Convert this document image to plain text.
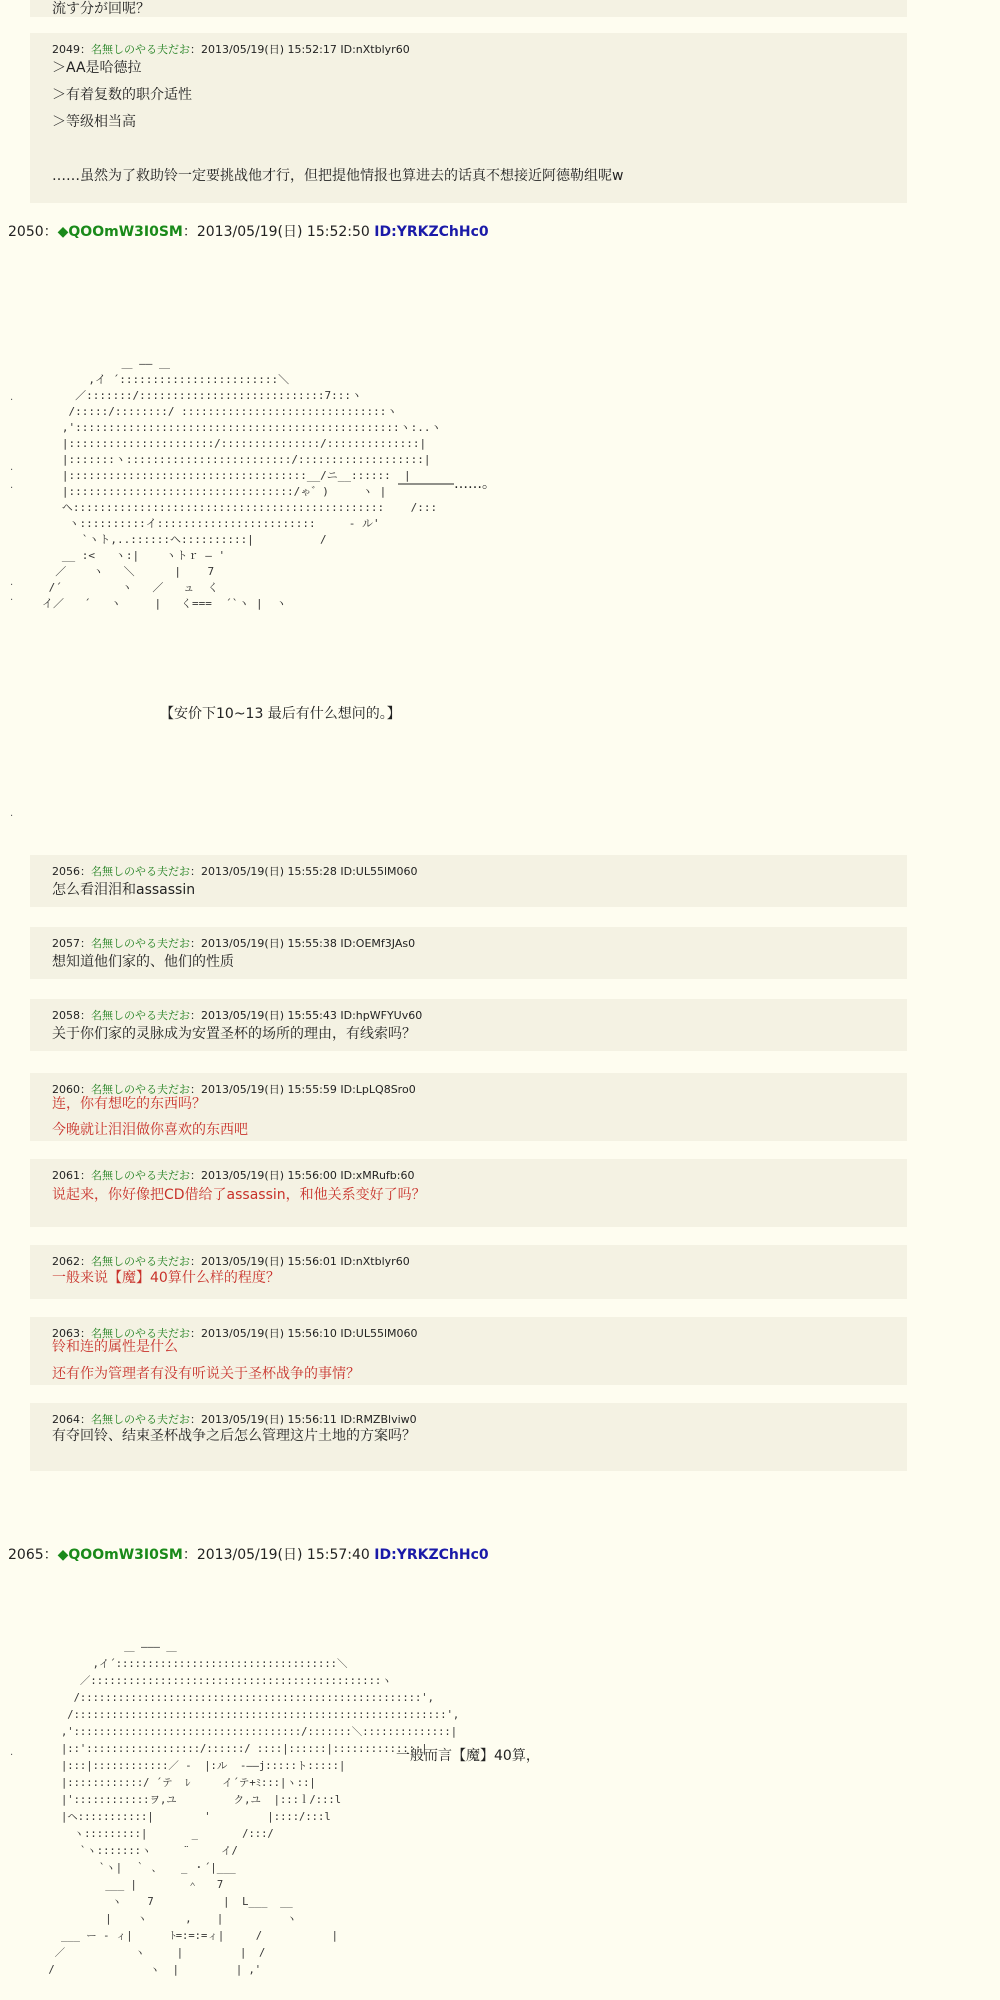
流す分が回呢？
2049：名無しのやる夫だお：2013/05/19(日) 15:52:17 ID:nXtblyr60
＞AA是哈德拉
＞有着复数的职介适性
＞等级相当高
……虽然为了救助铃一定要挑战他才行，但把提他情报也算进去的话真不想接近阿德勒组呢w
2050：◆QOOmW3I0SM：2013/05/19(日) 15:52:50 ID:YRKZChHc0
＿ ―― ＿
,イ ´::::::::::::::::::::::::＼
／:::::::/::::::::::::::::::::::::::::7:::ヽ
/:::::/::::::::/ :::::::::::::::::::::::::::::::ヽ
,':::::::::::::::::::::::::::::::::::::::::::::::::ヽ:..ヽ
|::::::::::::::::::::::/:::::::::::::::/::::::::::::::|
|:::::::ヽ:::::::::::::::::::::::::/:::::::::::::::::::|
|::::::::::::::::::::::::::::::::::::__/ニ__::::::  |
|::::::::::::::::::::::::::::::::::/ゃ゛)     ヽ |
ヘ:::::::::::::::::::::::::::::::::::::::::::::::    /:::
ヽ::::::::::イ::::::::::::::::::::::::     - ル'
`ヽト,..::::::ヘ::::::::::|          /
__ :<   ヽ:|    ヽトｒ ― '
／    ヽ   ＼      |    7
/´         ヽ   ／   ュ  く
イ／   ´   ヽ     |   く===  ´`ヽ |  ヽ
――――……。
【安价下10~13 最后有什么想问的。】
.
.
.
.
.
.
2056：名無しのやる夫だお：2013/05/19(日) 15:55:28 ID:UL55lM060
怎么看泪泪和assassin
2057：名無しのやる夫だお：2013/05/19(日) 15:55:38 ID:OEMf3JAs0
想知道他们家的、他们的性质
2058：名無しのやる夫だお：2013/05/19(日) 15:55:43 ID:hpWFYUv60
关于你们家的灵脉成为安置圣杯的场所的理由，有线索吗？
2060：名無しのやる夫だお：2013/05/19(日) 15:55:59 ID:LpLQ8Sro0
连，你有想吃的东西吗？
今晚就让泪泪做你喜欢的东西吧
2061：名無しのやる夫だお：2013/05/19(日) 15:56:00 ID:xMRufb:60
说起来，你好像把CD借给了assassin，和他关系变好了吗？
2062：名無しのやる夫だお：2013/05/19(日) 15:56:01 ID:nXtblyr60
一般来说【魔】40算什么样的程度？
2063：名無しのやる夫だお：2013/05/19(日) 15:56:10 ID:UL55lM060
铃和连的属性是什么
还有作为管理者有没有听说关于圣杯战争的事情？
2064：名無しのやる夫だお：2013/05/19(日) 15:56:11 ID:RMZBlviw0
有夺回铃、结束圣杯战争之后怎么管理这片土地的方案吗？
2065：◆QOOmW3I0SM：2013/05/19(日) 15:57:40 ID:YRKZChHc0
＿ ――― ＿
,イ´:::::::::::::::::::::::::::::::::::＼
／::::::::::::::::::::::::::::::::::::::::::::::ヽ
/::::::::::::::::::::::::::::::::::::::::::::::::::::::',
/:::::::::::::::::::::::::::::::::::::::::::::::::::::::::::',
,'::::::::::::::::::::::::::::::::::::/:::::::＼::::::::::::::|
|::'::::::::::::::::::/::::::/ ::::|::::::|::::::::::::::|
|:::|::::::::::::／ -  |:ル  -――j:::::ト:::::|
|::::::::::::/ ´テ  ﾚ     イ´テ+ﾐ:::|ヽ::|
|'::::::::::::ヲ,ユ         ク,ユ  |:::ｌ/:::l
|ヘ:::::::::::|        '         |::::/:::l
ヽ:::::::::|       _       /:::/
`ヽ:::::::ヽ     ¨     イ/
`ヽ|  ｀ 、   _ ・´|___
___ |        ＾   7
ヽ    7           |  L___  __
|    ヽ      ,    |          ヽ
___ ー - ィ|      ﾄ=:=:=ィ|     /           |
／           ヽ     |         |  /
/               ヽ  |         | ,'
一般而言【魔】40算，
.
